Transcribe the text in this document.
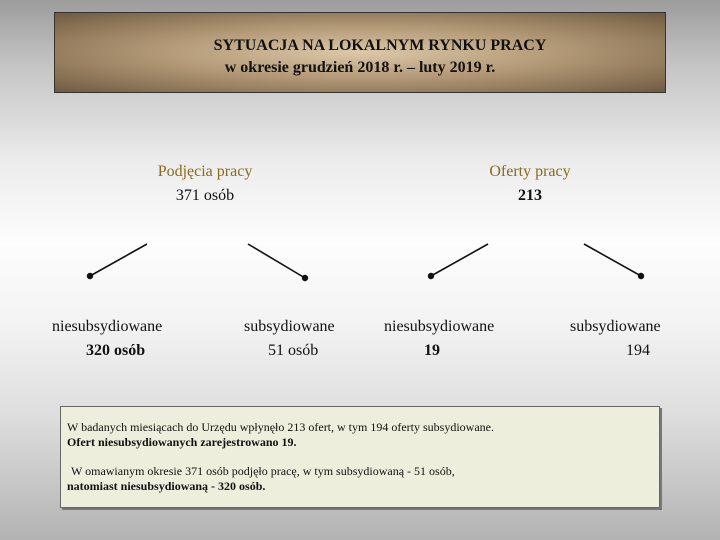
SYTUACJA NA LOKALNYM RYNKU PRACY
w okresie grudzień 2018 r. – luty 2019 r.
Podjęcia pracy
371 osób
Oferty pracy
213
niesubsydiowane
320 osób
subsydiowane
51 osób
niesubsydiowane
19
subsydiowane
194

W badanych miesiącach do Urzędu wpłynęło 213 ofert, w tym 194 oferty subsydiowane.

Ofert niesubsydiowanych zarejestrowano 19.

W omawianym okresie 371 osób podjęło pracę, w tym subsydiowaną - 51 osób,

natomiast niesubsydiowaną - 320 osób.
